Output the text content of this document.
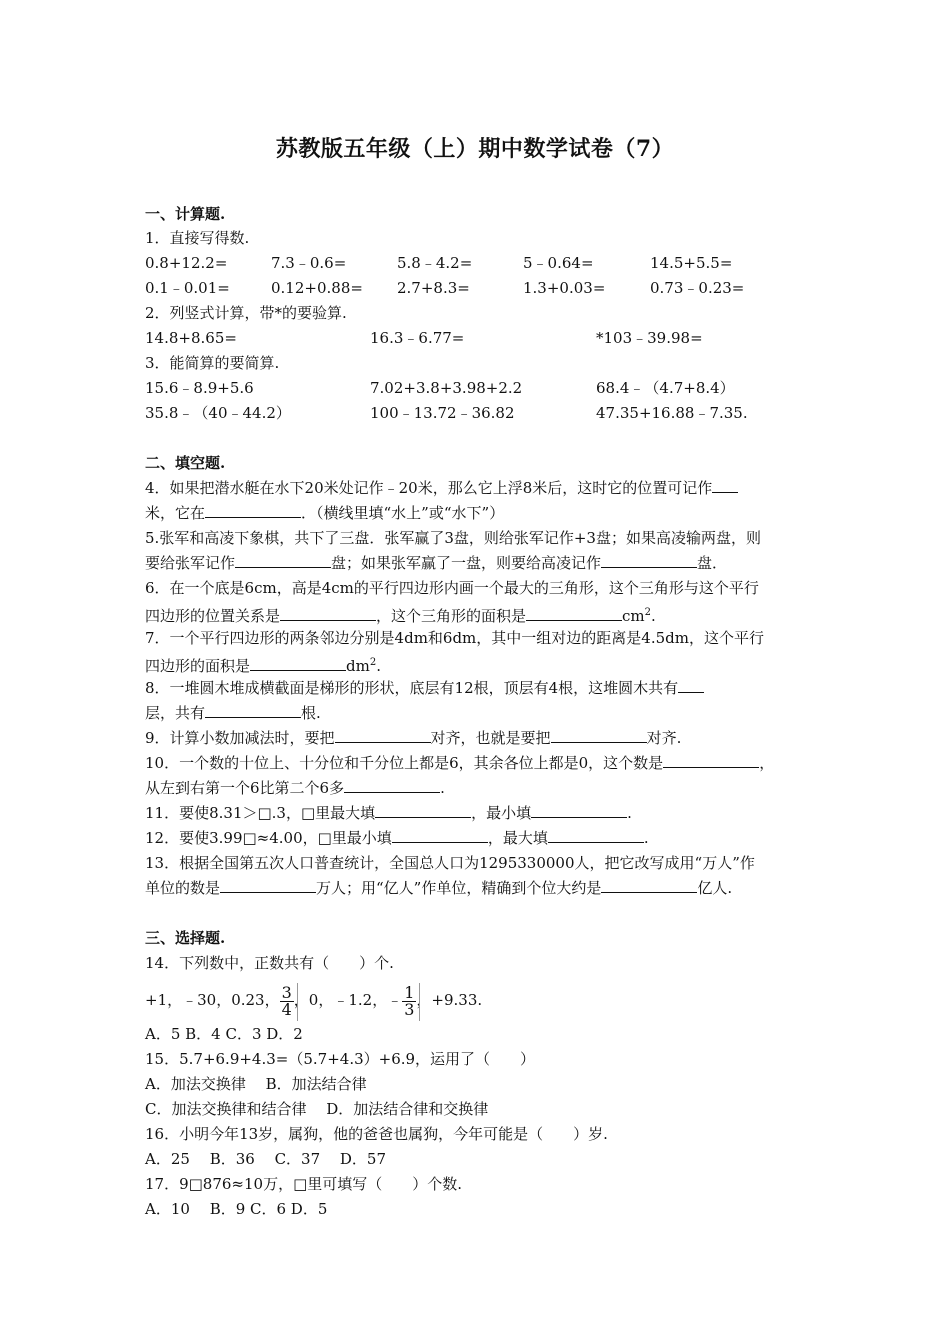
苏教版五年级（上）期中数学试卷（7）
一、计算题.
1．直接写得数.
0.8+12.2=	7.3﹣0.6=	5.8﹣4.2=	5﹣0.64=	14.5+5.5=
0.1﹣0.01=	0.12+0.88= 2.7+8.3=	1.3+0.03=	0.73﹣0.23=
2．列竖式计算，带*的要验算.
14.8+8.65=	16.3﹣6.77=	*103﹣39.98=
3．能简算的要简算.
15.6﹣8.9+5.6	7.02+3.8+3.98+2.2	68.4﹣（4.7+8.4）
35.8﹣（40﹣44.2）	100﹣13.72﹣36.82	47.35+16.88﹣7.35.
二、填空题.
4．如果把潜水艇在水下20米处记作﹣20米，那么它上浮8米后，这时它的位置可记作
米，它在	．（横线里填“水上”或“水下”）
5.张军和高凌下象棋，共下了三盘．张军赢了3盘，则给张军记作+3盘；如果高凌输两盘，则
要给张军记作	盘；如果张军赢了一盘，则要给高凌记作	盘．
6．在一个底是6cm，高是4cm的平行四边形内画一个最大的三角形，这个三角形与这个平行
四边形的位置关系是	，这个三角形的面积是	$cm^2$.
7．一个平行四边形的两条邻边分别是4dm和6dm，其中一组对边的距离是4.5dm，这个平行
四边形的面积是	$dm^2$.
8．一堆圆木堆成横截面是梯形的形状，底层有12根，顶层有4根，这堆圆木共有
层，共有	根.
9．计算小数加减法时，要把	对齐，也就是要把	对齐.
10．一个数的十位上、十分位和千分位上都是6，其余各位上都是0，这个数是	，
从左到右第一个6比第二个6多	.
11．要使8.31＞□.3，□里最大填	，最小填	.
12．要使3.99□≈4.00，□里最小填	，最大填	.
13．根据全国第五次人口普查统计，全国总人口为1295330000人，把它改写成用“万人”作
单位的数是	万人；用“亿人”作单位，精确到个位大约是	亿人.
三、选择题.
14．下列数中，正数共有（　　）个.
+1，﹣30，0.23， $\frac{3}{4}$ ，0，﹣1.2，﹣ $\frac{1}{3}$ ，+9.33.
A．5 B．4 C．3 D．2
15．5.7+6.9+4.3=（5.7+4.3）+6.9，运用了（　　）
A．加法交换律　 B．加法结合律
C．加法交换律和结合律　 D．加法结合律和交换律
16．小明今年13岁，属狗，他的爸爸也属狗，今年可能是（　　）岁.
A．25　 B．36　 C．37　 D．57
17．9□876≈10万，□里可填写（　　）个数.
A．10　 B．9 C．6 D．5
